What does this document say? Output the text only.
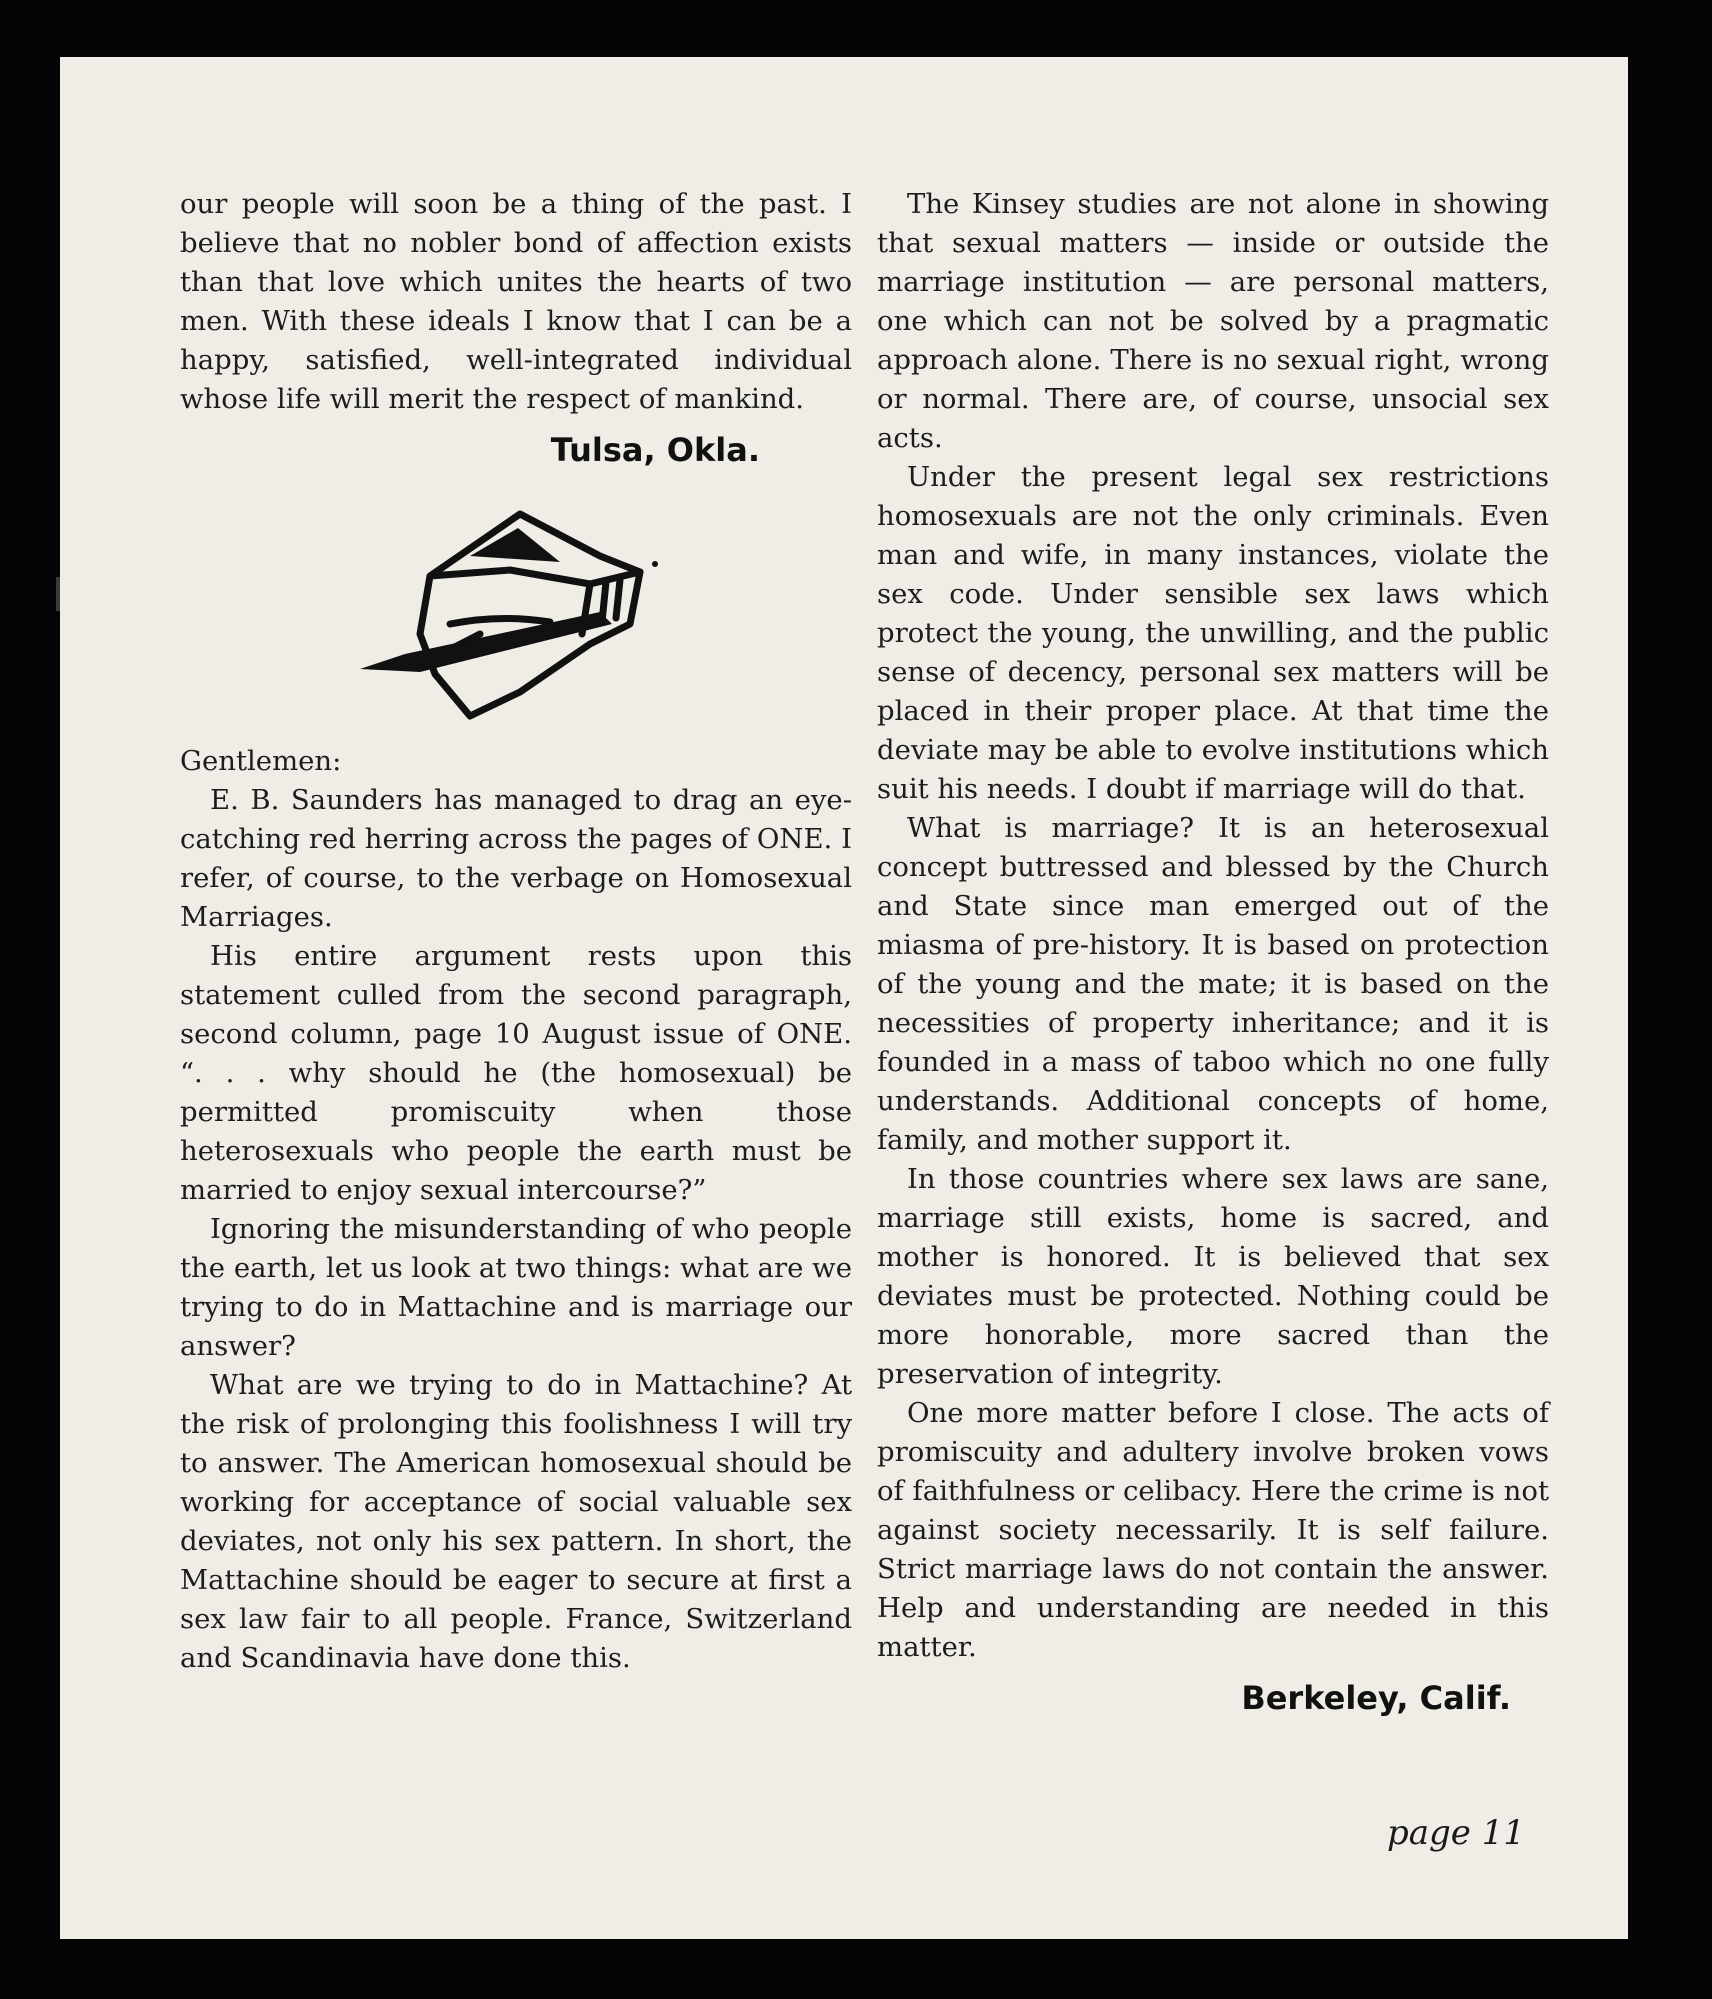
our people will soon be a thing of the past. I believe that no nobler bond of affection exists than that love which unites the hearts of two men. With these ideals I know that I can be a happy, satisfied, well-integrated individual whose life will merit the respect of mankind.

Tulsa, Okla.

Gentlemen:

E. B. Saunders has managed to drag an eye-catching red herring across the pages of ONE. I refer, of course, to the verbage on Homosexual Marriages.

His entire argument rests upon this statement culled from the second paragraph, second column, page 10 August issue of ONE. “. . . why should he (the homosexual) be permitted promiscuity when those heterosexuals who people the earth must be married to enjoy sexual intercourse?”

Ignoring the misunderstanding of who people the earth, let us look at two things: what are we trying to do in Mattachine and is marriage our answer?

What are we trying to do in Mattachine? At the risk of prolonging this foolishness I will try to answer. The American homosexual should be working for acceptance of social valuable sex deviates, not only his sex pattern. In short, the Mattachine should be eager to secure at first a sex law fair to all people. France, Switzerland and Scandinavia have done this.

The Kinsey studies are not alone in showing that sexual matters — inside or outside the marriage institution — are personal matters, one which can not be solved by a pragmatic approach alone. There is no sexual right, wrong or normal. There are, of course, unsocial sex acts.

Under the present legal sex restrictions homosexuals are not the only criminals. Even man and wife, in many instances, violate the sex code. Under sensible sex laws which protect the young, the unwilling, and the public sense of decency, personal sex matters will be placed in their proper place. At that time the deviate may be able to evolve institutions which suit his needs. I doubt if marriage will do that.

What is marriage? It is an heterosexual concept buttressed and blessed by the Church and State since man emerged out of the miasma of pre-history. It is based on protection of the young and the mate; it is based on the necessities of property inheritance; and it is founded in a mass of taboo which no one fully understands. Additional concepts of home, family, and mother support it.

In those countries where sex laws are sane, marriage still exists, home is sacred, and mother is honored. It is believed that sex deviates must be protected. Nothing could be more honorable, more sacred than the preservation of integrity.

One more matter before I close. The acts of promiscuity and adultery involve broken vows of faithfulness or celibacy. Here the crime is not against society necessarily. It is self failure. Strict marriage laws do not contain the answer. Help and understanding are needed in this matter.

Berkeley, Calif.
page 11
